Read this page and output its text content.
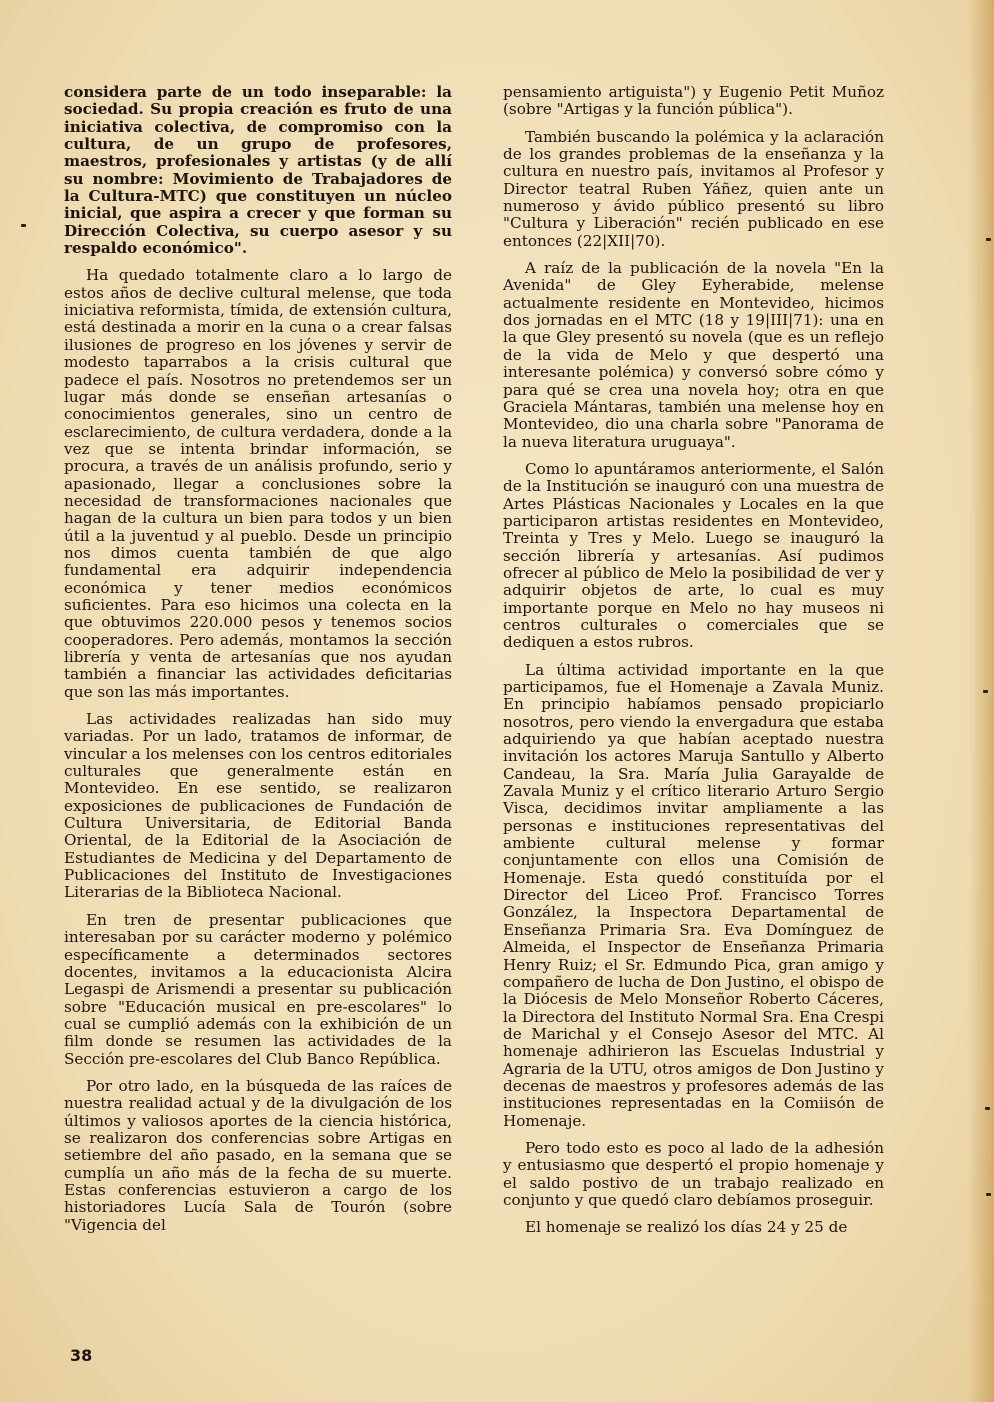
considera parte de un todo inseparable: la sociedad. Su propia creación es fruto de una iniciativa colectiva, de compromiso con la cultura, de un grupo de profesores, maestros, profesionales y artistas (y de allí su nombre: Movimiento de Trabajadores de la Cultura-MTC) que constituyen un núcleo inicial, que aspira a crecer y que forman su Dirección Colectiva, su cuerpo asesor y su respaldo económico".

Ha quedado totalmente claro a lo largo de estos años de declive cultural melense, que toda iniciativa reformista, tímida, de extensión cultura, está destinada a morir en la cuna o a crear falsas ilusiones de progreso en los jóvenes y servir de modesto taparrabos a la crisis cultural que padece el país. Nosotros no pretendemos ser un lugar más donde se enseñan artesanías o conocimientos generales, sino un centro de esclarecimiento, de cultura verdadera, donde a la vez que se intenta brindar información, se procura, a través de un análisis profundo, serio y apasionado, llegar a conclusiones sobre la necesidad de transformaciones nacionales que hagan de la cultura un bien para todos y un bien útil a la juventud y al pueblo. Desde un principio nos dimos cuenta también de que algo fundamental era adquirir independencia económica y tener medios económicos suficientes. Para eso hicimos una colecta en la que obtuvimos 220.000 pesos y tenemos socios cooperadores. Pero además, montamos la sección librería y venta de artesanías que nos ayudan también a financiar las actividades deficitarias que son las más importantes.

Las actividades realizadas han sido muy variadas. Por un lado, tratamos de informar, de vincular a los melenses con los centros editoriales culturales que generalmente están en Montevideo. En ese sentido, se realizaron exposiciones de publicaciones de Fundación de Cultura Universitaria, de Editorial Banda Oriental, de la Editorial de la Asociación de Estudiantes de Medicina y del Departamento de Publicaciones del Instituto de Investigaciones Literarias de la Biblioteca Nacional.

En tren de presentar publicaciones que interesaban por su carácter moderno y polémico específicamente a determinados sectores docentes, invitamos a la educacionista Alcira Legaspi de Arismendi a presentar su publicación sobre "Educación musical en pre-escolares" lo cual se cumplió además con la exhibición de un film donde se resumen las actividades de la Sección pre-escolares del Club Banco República.

Por otro lado, en la búsqueda de las raíces de nuestra realidad actual y de la divulgación de los últimos y valiosos aportes de la ciencia histórica, se realizaron dos conferencias sobre Artigas en setiembre del año pasado, en la semana que se cumplía un año más de la fecha de su muerte. Estas conferencias estuvieron a cargo de los historiadores Lucía Sala de Tourón (sobre "Vigencia del

pensamiento artiguista") y Eugenio Petit Muñoz (sobre "Artigas y la función pública").

También buscando la polémica y la aclaración de los grandes problemas de la enseñanza y la cultura en nuestro país, invitamos al Profesor y Director teatral Ruben Yáñez, quien ante un numeroso y ávido público presentó su libro "Cultura y Liberación" recién publicado en ese entonces (22|XII|70).

A raíz de la publicación de la novela "En la Avenida" de Gley Eyherabide, melense actualmente residente en Montevideo, hicimos dos jornadas en el MTC (18 y 19|III|71): una en la que Gley presentó su novela (que es un reflejo de la vida de Melo y que despertó una interesante polémica) y conversó sobre cómo y para qué se crea una novela hoy; otra en que Graciela Mántaras, también una melense hoy en Montevideo, dio una charla sobre "Panorama de la nueva literatura uruguaya".

Como lo apuntáramos anteriormente, el Salón de la Institución se inauguró con una muestra de Artes Plásticas Nacionales y Locales en la que participaron artistas residentes en Montevideo, Treinta y Tres y Melo. Luego se inauguró la sección librería y artesanías. Así pudimos ofrecer al público de Melo la posibilidad de ver y adquirir objetos de arte, lo cual es muy importante porque en Melo no hay museos ni centros culturales o comerciales que se dediquen a estos rubros.

La última actividad importante en la que participamos, fue el Homenaje a Zavala Muniz. En principio habíamos pensado propiciarlo nosotros, pero viendo la envergadura que estaba adquiriendo ya que habían aceptado nuestra invitación los actores Maruja Santullo y Alberto Candeau, la Sra. María Julia Garayalde de Zavala Muniz y el crítico literario Arturo Sergio Visca, decidimos invitar ampliamente a las personas e instituciones representativas del ambiente cultural melense y formar conjuntamente con ellos una Comisión de Homenaje. Esta quedó constituída por el Director del Liceo Prof. Francisco Torres González, la Inspectora Departamental de Enseñanza Primaria Sra. Eva Domínguez de Almeida, el Inspector de Enseñanza Primaria Henry Ruiz; el Sr. Edmundo Pica, gran amigo y compañero de lucha de Don Justino, el obispo de la Diócesis de Melo Monseñor Roberto Cáceres, la Directora del Instituto Normal Sra. Ena Crespi de Marichal y el Consejo Asesor del MTC. Al homenaje adhirieron las Escuelas Industrial y Agraria de la UTU, otros amigos de Don Justino y decenas de maestros y profesores además de las instituciones representadas en la Comiisón de Homenaje.

Pero todo esto es poco al lado de la adhesión y entusiasmo que despertó el propio homenaje y el saldo postivo de un trabajo realizado en conjunto y que quedó claro debíamos proseguir.

El homenaje se realizó los días 24 y 25 de

38
